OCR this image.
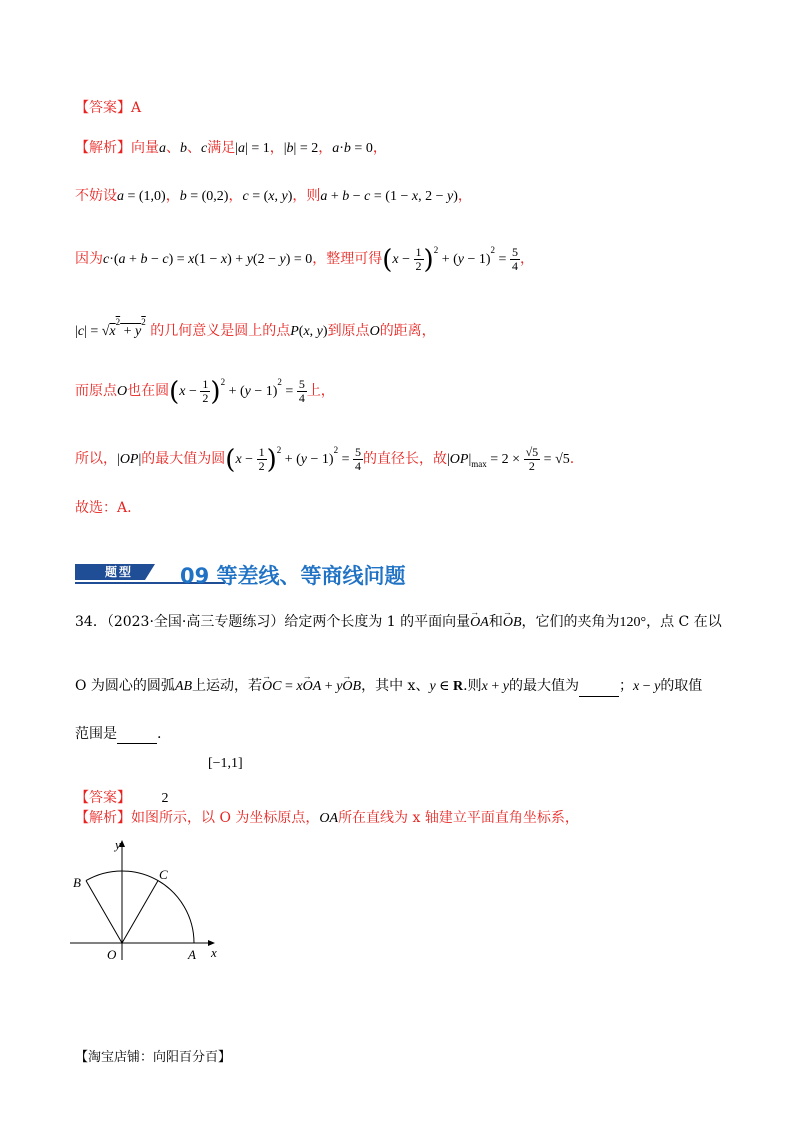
【答案】A
【解析】向量a、b、c满足|a| = 1，|b| = 2，a·b = 0，
不妨设a = (1,0)，b = (0,2)，c = (x, y)，则a + b − c = (1 − x, 2 − y)，
因为c·(a + b − c) = x(1 − x) + y(2 − y) = 0，整理可得$(x - \frac{1}{2} )^2 + (y - 1)^2 = \frac{5}{4}$ ，
$|c| = √x^2 + y^2$ 的几何意义是圆上的点P(x, y)到原点O的距离，
而原点O也在圆$(x - \frac{1}{2} )^2 + (y - 1)^2 = \frac{5}{4}$ 上，
所以，|OP|的最大值为圆$(x - \frac{1}{2} )^2 + (y - 1)^2 = \frac{5}{4}$ 的直径长，故$|OP|_{max} = 2 \times \frac{√5}{2} = √5$.
故选：A.
题型 09 等差线、等商线问题
34．（2023·全国·高三专题练习）给定两个长度为 1 的平面向量→ OA和→ OB，它们的夹角为120°，点 C 在以
O 为圆心的圆弧AB上运动，若→ OC = x→ OA + y→ OB，其中 x、y ∈ R.则x + y的最大值为	；x − y的取值
范围是	.
【答案】 2
[−1,1]
【解析】如图所示，以 O 为坐标原点，OA所在直线为 x 轴建立平面直角坐标系，
y
x
B
C
O	A
【淘宝店铺：向阳百分百】
